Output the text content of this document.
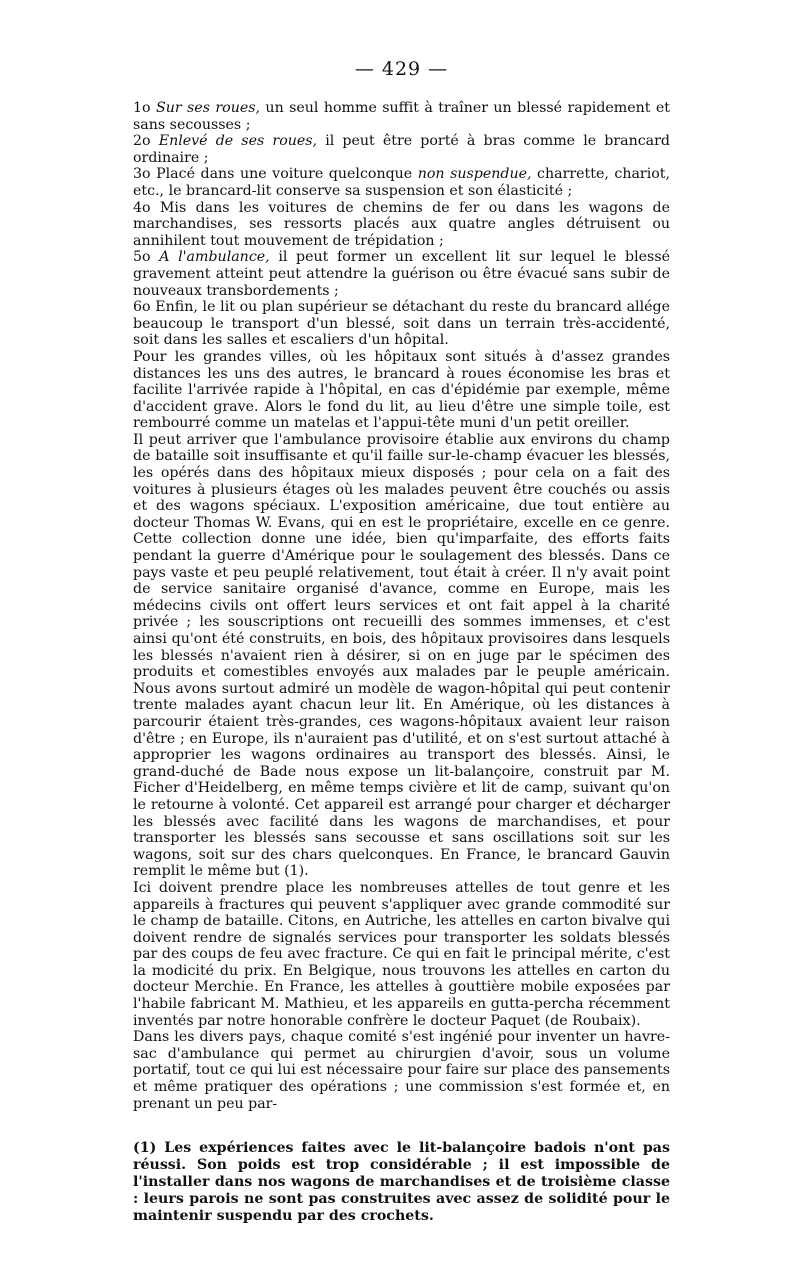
— 429 —

1o Sur ses roues, un seul homme suffit à traîner un blessé rapidement et sans secousses ;

2o Enlevé de ses roues, il peut être porté à bras comme le brancard ordinaire ;

3o Placé dans une voiture quelconque non suspendue, charrette, chariot, etc., le brancard-lit conserve sa suspension et son élasticité ;

4o Mis dans les voitures de chemins de fer ou dans les wagons de marchandises, ses ressorts placés aux quatre angles détruisent ou annihilent tout mouvement de trépidation ;

5o A l'ambulance, il peut former un excellent lit sur lequel le blessé gravement atteint peut attendre la guérison ou être évacué sans subir de nouveaux transbordements ;

6o Enfin, le lit ou plan supérieur se détachant du reste du brancard allége beaucoup le transport d'un blessé, soit dans un terrain très-accidenté, soit dans les salles et escaliers d'un hôpital.

Pour les grandes villes, où les hôpitaux sont situés à d'assez grandes distances les uns des autres, le brancard à roues économise les bras et facilite l'arrivée rapide à l'hôpital, en cas d'épidémie par exemple, même d'accident grave. Alors le fond du lit, au lieu d'être une simple toile, est rembourré comme un matelas et l'appui-tête muni d'un petit oreiller.

Il peut arriver que l'ambulance provisoire établie aux environs du champ de bataille soit insuffisante et qu'il faille sur-le-champ évacuer les blessés, les opérés dans des hôpitaux mieux disposés ; pour cela on a fait des voitures à plusieurs étages où les malades peuvent être couchés ou assis et des wagons spéciaux. L'exposition américaine, due tout entière au docteur Thomas W. Evans, qui en est le propriétaire, excelle en ce genre. Cette collection donne une idée, bien qu'imparfaite, des efforts faits pendant la guerre d'Amérique pour le soulagement des blessés. Dans ce pays vaste et peu peuplé relativement, tout était à créer. Il n'y avait point de service sanitaire organisé d'avance, comme en Europe, mais les médecins civils ont offert leurs services et ont fait appel à la charité privée ; les souscriptions ont recueilli des sommes immenses, et c'est ainsi qu'ont été construits, en bois, des hôpitaux provisoires dans lesquels les blessés n'avaient rien à désirer, si on en juge par le spécimen des produits et comestibles envoyés aux malades par le peuple américain. Nous avons surtout admiré un modèle de wagon-hôpital qui peut contenir trente malades ayant chacun leur lit. En Amérique, où les distances à parcourir étaient très-grandes, ces wagons-hôpitaux avaient leur raison d'être ; en Europe, ils n'auraient pas d'utilité, et on s'est surtout attaché à approprier les wagons ordinaires au transport des blessés. Ainsi, le grand-duché de Bade nous expose un lit-balançoire, construit par M. Ficher d'Heidelberg, en même temps civière et lit de camp, suivant qu'on le retourne à volonté. Cet appareil est arrangé pour charger et décharger les blessés avec facilité dans les wagons de marchandises, et pour transporter les blessés sans secousse et sans oscillations soit sur les wagons, soit sur des chars quelconques. En France, le brancard Gauvin remplit le même but (1).

Ici doivent prendre place les nombreuses attelles de tout genre et les appareils à fractures qui peuvent s'appliquer avec grande commodité sur le champ de bataille. Citons, en Autriche, les attelles en carton bivalve qui doivent rendre de signalés services pour transporter les soldats blessés par des coups de feu avec fracture. Ce qui en fait le principal mérite, c'est la modicité du prix. En Belgique, nous trouvons les attelles en carton du docteur Merchie. En France, les attelles à gouttière mobile exposées par l'habile fabricant M. Mathieu, et les appareils en gutta-percha récemment inventés par notre honorable confrère le docteur Paquet (de Roubaix).

Dans les divers pays, chaque comité s'est ingénié pour inventer un havre-sac d'ambulance qui permet au chirurgien d'avoir, sous un volume portatif, tout ce qui lui est nécessaire pour faire sur place des pansements et même pratiquer des opérations ; une commission s'est formée et, en prenant un peu par-

(1) Les expériences faites avec le lit-balançoire badois n'ont pas réussi. Son poids est trop considérable ; il est impossible de l'installer dans nos wagons de marchandises et de troisième classe : leurs parois ne sont pas construites avec assez de solidité pour le maintenir suspendu par des crochets.
